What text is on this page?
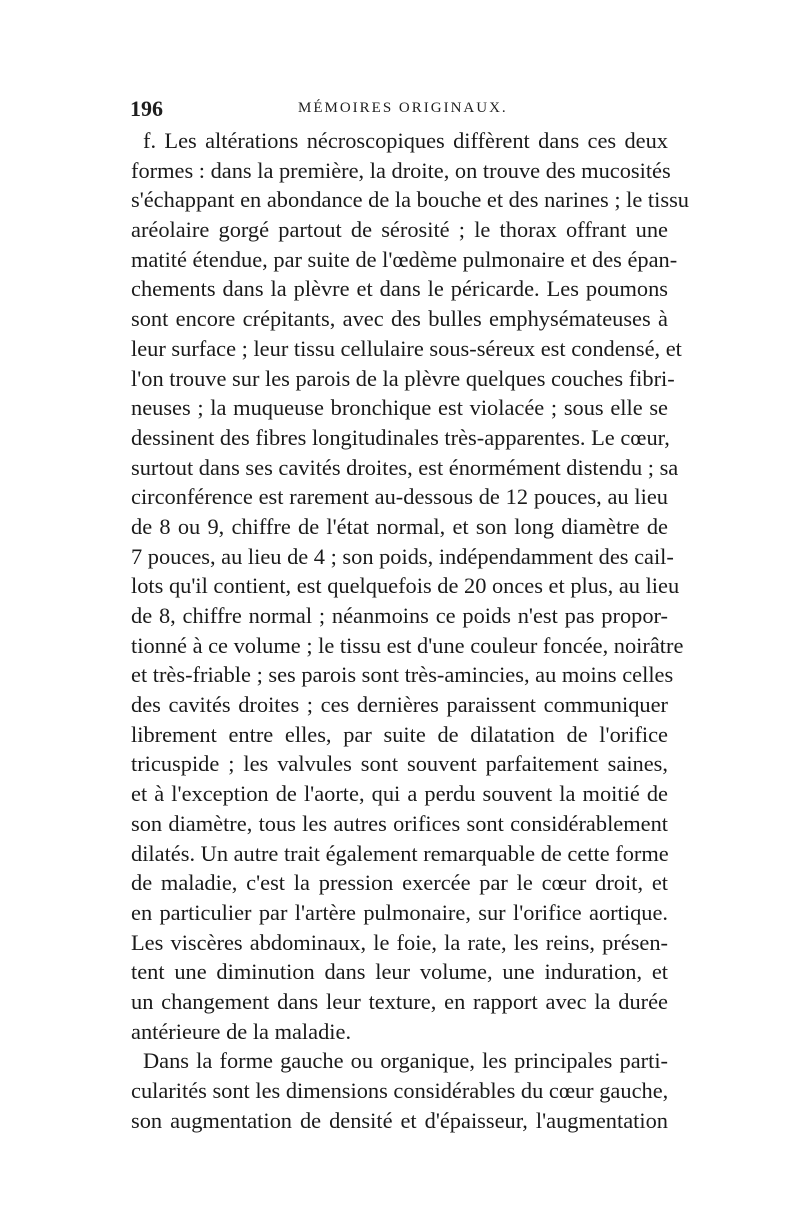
196	MÉMOIRES ORIGINAUX.
f. Les altérations nécroscopiques diffèrent dans ces deux
formes : dans la première, la droite, on trouve des mucosités
s'échappant en abondance de la bouche et des narines ; le tissu
aréolaire gorgé partout de sérosité ; le thorax offrant une
matité étendue, par suite de l'œdème pulmonaire et des épan-
chements dans la plèvre et dans le péricarde. Les poumons
sont encore crépitants, avec des bulles emphysémateuses à
leur surface ; leur tissu cellulaire sous-séreux est condensé, et
l'on trouve sur les parois de la plèvre quelques couches fibri-
neuses ; la muqueuse bronchique est violacée ; sous elle se
dessinent des fibres longitudinales très-apparentes. Le cœur,
surtout dans ses cavités droites, est énormément distendu ; sa
circonférence est rarement au-dessous de 12 pouces, au lieu
de 8 ou 9, chiffre de l'état normal, et son long diamètre de
7 pouces, au lieu de 4 ; son poids, indépendamment des cail-
lots qu'il contient, est quelquefois de 20 onces et plus, au lieu
de 8, chiffre normal ; néanmoins ce poids n'est pas propor-
tionné à ce volume ; le tissu est d'une couleur foncée, noirâtre
et très-friable ; ses parois sont très-amincies, au moins celles
des cavités droites ; ces dernières paraissent communiquer
librement entre elles, par suite de dilatation de l'orifice
tricuspide ; les valvules sont souvent parfaitement saines,
et à l'exception de l'aorte, qui a perdu souvent la moitié de
son diamètre, tous les autres orifices sont considérablement
dilatés. Un autre trait également remarquable de cette forme
de maladie, c'est la pression exercée par le cœur droit, et
en particulier par l'artère pulmonaire, sur l'orifice aortique.
Les viscères abdominaux, le foie, la rate, les reins, présen-
tent une diminution dans leur volume, une induration, et
un changement dans leur texture, en rapport avec la durée
antérieure de la maladie.
Dans la forme gauche ou organique, les principales parti-
cularités sont les dimensions considérables du cœur gauche,
son augmentation de densité et d'épaisseur, l'augmentation
